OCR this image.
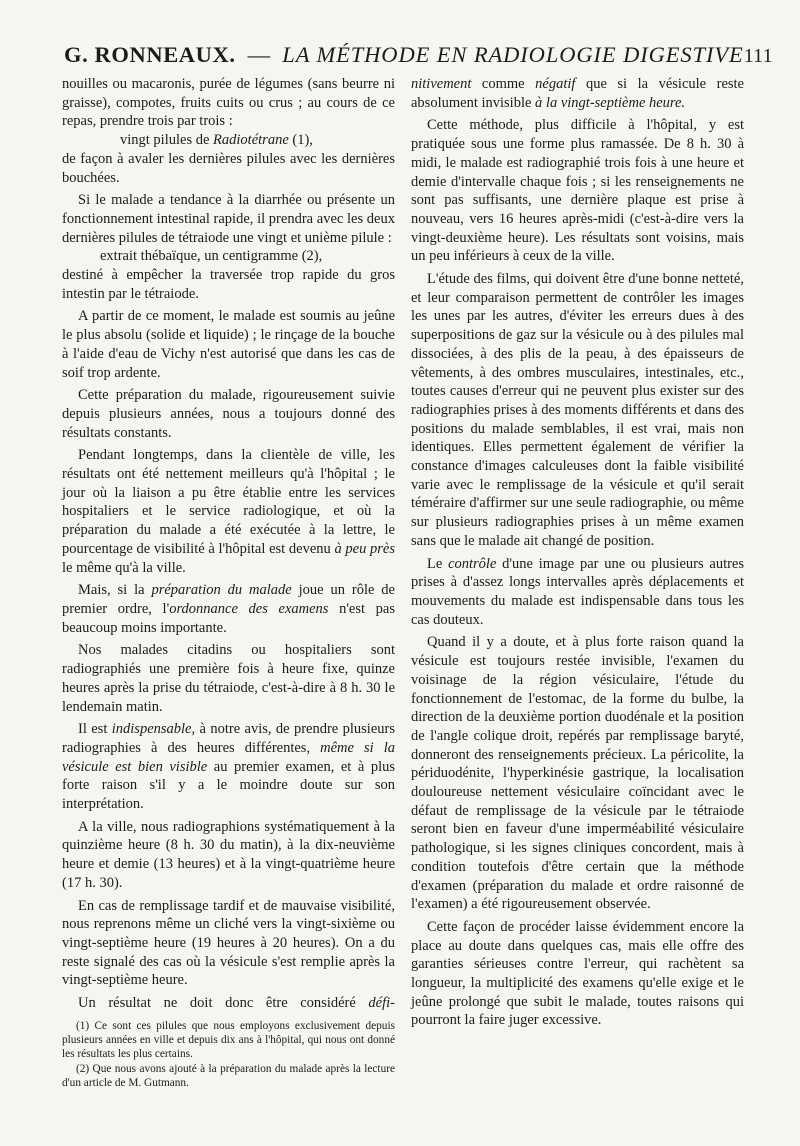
G. RONNEAUX. — LA MÉTHODE EN RADIOLOGIE DIGESTIVE 111

nouilles ou macaronis, purée de légumes (sans beurre ni graisse), compotes, fruits cuits ou crus ; au cours de ce repas, prendre trois par trois :

vingt pilules de Radiotétrane (1),

de façon à avaler les dernières pilules avec les dernières bouchées.

Si le malade a tendance à la diarrhée ou présente un fonctionnement intestinal rapide, il prendra avec les deux dernières pilules de tétraiode une vingt et unième pilule :

extrait thébaïque, un centigramme (2),

destiné à empêcher la traversée trop rapide du gros intestin par le tétraiode.

A partir de ce moment, le malade est soumis au jeûne le plus absolu (solide et liquide) ; le rinçage de la bouche à l'aide d'eau de Vichy n'est autorisé que dans les cas de soif trop ardente.

Cette préparation du malade, rigoureusement suivie depuis plusieurs années, nous a toujours donné des résultats constants.

Pendant longtemps, dans la clientèle de ville, les résultats ont été nettement meilleurs qu'à l'hôpital ; le jour où la liaison a pu être établie entre les services hospitaliers et le service radiologique, et où la préparation du malade a été exécutée à la lettre, le pourcentage de visibilité à l'hôpital est devenu à peu près le même qu'à la ville.

Mais, si la préparation du malade joue un rôle de premier ordre, l'ordonnance des examens n'est pas beaucoup moins importante.

Nos malades citadins ou hospitaliers sont radiographiés une première fois à heure fixe, quinze heures après la prise du tétraiode, c'est-à-dire à 8 h. 30 le lendemain matin.

Il est indispensable, à notre avis, de prendre plusieurs radiographies à des heures différentes, même si la vésicule est bien visible au premier examen, et à plus forte raison s'il y a le moindre doute sur son interprétation.

A la ville, nous radiographions systématiquement à la quinzième heure (8 h. 30 du matin), à la dix-neuvième heure et demie (13 heures) et à la vingt-quatrième heure (17 h. 30).

En cas de remplissage tardif et de mauvaise visibilité, nous reprenons même un cliché vers la vingt-sixième ou vingt-septième heure (19 heures à 20 heures). On a du reste signalé des cas où la vésicule s'est remplie après la vingt-septième heure.

Un résultat ne doit donc être considéré défi-

(1) Ce sont ces pilules que nous employons exclusivement depuis plusieurs années en ville et depuis dix ans à l'hôpital, qui nous ont donné les résultats les plus certains.

(2) Que nous avons ajouté à la préparation du malade après la lecture d'un article de M. Gutmann.

nitivement comme négatif que si la vésicule reste absolument invisible à la vingt-septième heure.

Cette méthode, plus difficile à l'hôpital, y est pratiquée sous une forme plus ramassée. De 8 h. 30 à midi, le malade est radiographié trois fois à une heure et demie d'intervalle chaque fois ; si les renseignements ne sont pas suffisants, une dernière plaque est prise à nouveau, vers 16 heures après-midi (c'est-à-dire vers la vingt-deuxième heure). Les résultats sont voisins, mais un peu inférieurs à ceux de la ville.

L'étude des films, qui doivent être d'une bonne netteté, et leur comparaison permettent de contrôler les images les unes par les autres, d'éviter les erreurs dues à des superpositions de gaz sur la vésicule ou à des pilules mal dissociées, à des plis de la peau, à des épaisseurs de vêtements, à des ombres musculaires, intestinales, etc., toutes causes d'erreur qui ne peuvent plus exister sur des radiographies prises à des moments différents et dans des positions du malade semblables, il est vrai, mais non identiques. Elles permettent également de vérifier la constance d'images calculeuses dont la faible visibilité varie avec le remplissage de la vésicule et qu'il serait téméraire d'affirmer sur une seule radiographie, ou même sur plusieurs radiographies prises à un même examen sans que le malade ait changé de position.

Le contrôle d'une image par une ou plusieurs autres prises à d'assez longs intervalles après déplacements et mouvements du malade est indispensable dans tous les cas douteux.

Quand il y a doute, et à plus forte raison quand la vésicule est toujours restée invisible, l'examen du voisinage de la région vésiculaire, l'étude du fonctionnement de l'estomac, de la forme du bulbe, la direction de la deuxième portion duodénale et la position de l'angle colique droit, repérés par remplissage baryté, donneront des renseignements précieux. La péricolite, la périduodénite, l'hyperkinésie gastrique, la localisation douloureuse nettement vésiculaire coïncidant avec le défaut de remplissage de la vésicule par le tétraiode seront bien en faveur d'une imperméabilité vésiculaire pathologique, si les signes cliniques concordent, mais à condition toutefois d'être certain que la méthode d'examen (préparation du malade et ordre raisonné de l'examen) a été rigoureusement observée.

Cette façon de procéder laisse évidemment encore la place au doute dans quelques cas, mais elle offre des garanties sérieuses contre l'erreur, qui rachètent sa longueur, la multiplicité des examens qu'elle exige et le jeûne prolongé que subit le malade, toutes raisons qui pourront la faire juger excessive.
